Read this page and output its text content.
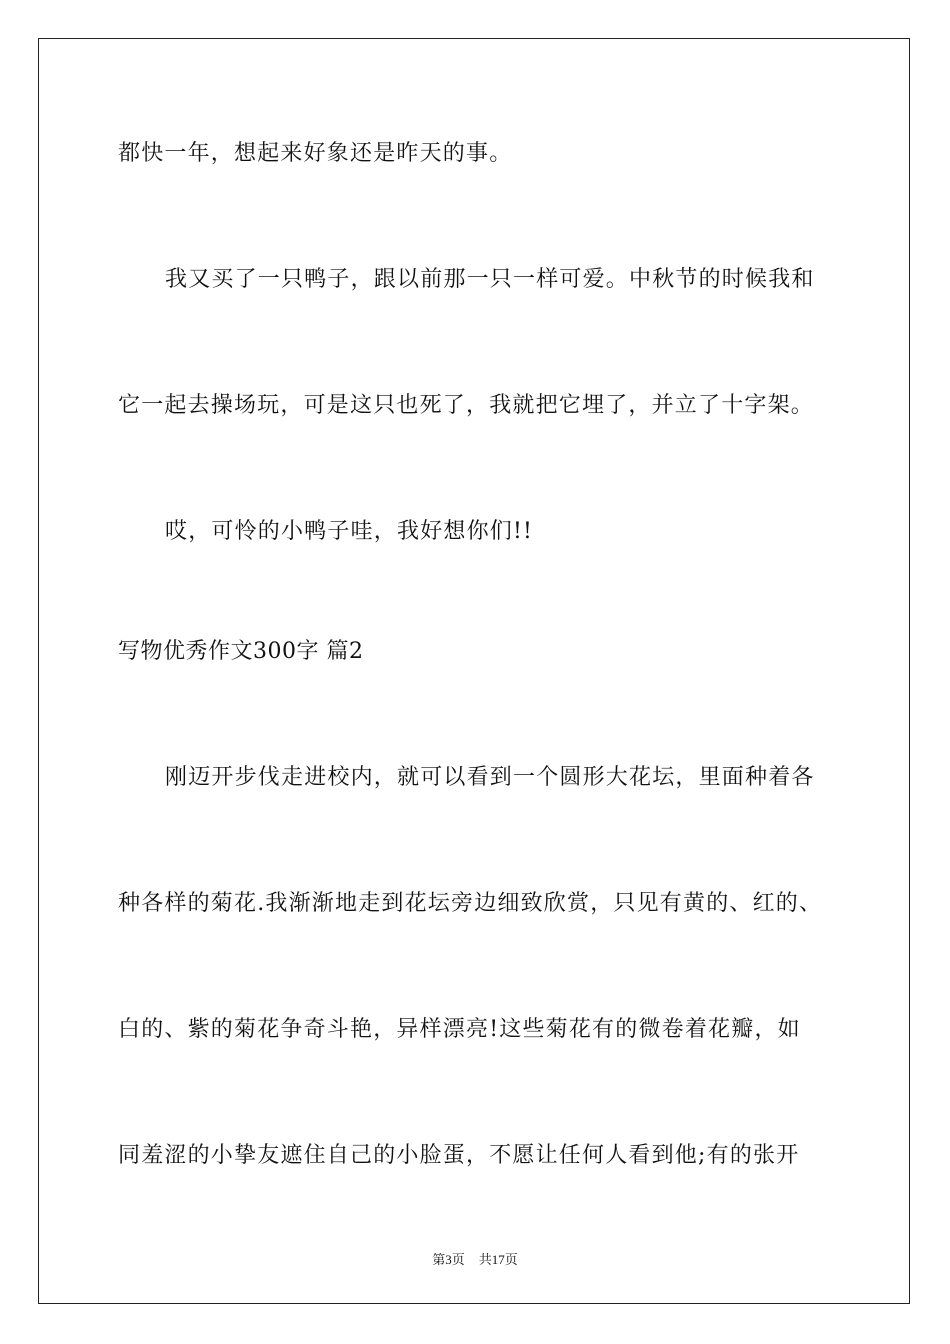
都快一年，想起来好象还是昨天的事。

我又买了一只鸭子，跟以前那一只一样可爱。中秋节的时候我和

它一起去操场玩，可是这只也死了，我就把它埋了，并立了十字架。

哎，可怜的小鸭子哇，我好想你们!!

写物优秀作文300字 篇2

刚迈开步伐走进校内，就可以看到一个圆形大花坛，里面种着各

种各样的菊花.我渐渐地走到花坛旁边细致欣赏，只见有黄的、红的、

白的、紫的菊花争奇斗艳，异样漂亮!这些菊花有的微卷着花瓣，如

同羞涩的小挚友遮住自己的小脸蛋，不愿让任何人看到他;有的张开

第3页 共17页
